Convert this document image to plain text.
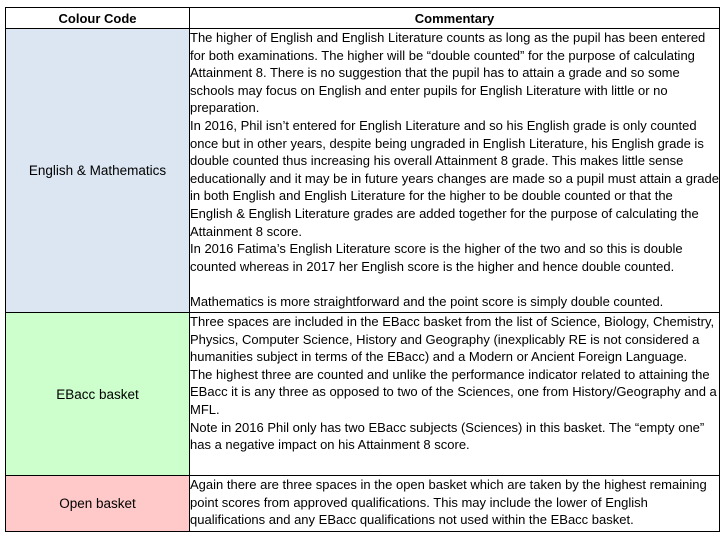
Colour Code	Commentary
English & Mathematics	The higher of English and English Literature counts as long as the pupil has been entered for both examinations. The higher will be “double counted” for the purpose of calculating Attainment 8. There is no suggestion that the pupil has to attain a grade and so some schools may focus on English and enter pupils for English Literature with little or no preparation.

In 2016, Phil isn’t entered for English Literature and so his English grade is only counted once but in other years, despite being ungraded in English Literature, his English grade is double counted thus increasing his overall Attainment 8 grade. This makes little sense educationally and it may be in future years changes are made so a pupil must attain a grade in both English and English Literature for the higher to be double counted or that the English & English Literature grades are added together for the purpose of calculating the Attainment 8 score.

In 2016 Fatima’s English Literature score is the higher of the two and so this is double counted whereas in 2017 her English score is the higher and hence double counted.

Mathematics is more straightforward and the point score is simply double counted.

EBacc basket	Three spaces are included in the EBacc basket from the list of Science, Biology, Chemistry, Physics, Computer Science, History and Geography (inexplicably RE is not considered a humanities subject in terms of the EBacc) and a Modern or Ancient Foreign Language.

The highest three are counted and unlike the performance indicator related to attaining the EBacc it is any three as opposed to two of the Sciences, one from History/Geography and a MFL.

Note in 2016 Phil only has two EBacc subjects (Sciences) in this basket. The “empty one” has a negative impact on his Attainment 8 score.

Open basket	Again there are three spaces in the open basket which are taken by the highest remaining point scores from approved qualifications. This may include the lower of English qualifications and any EBacc qualifications not used within the EBacc basket.
